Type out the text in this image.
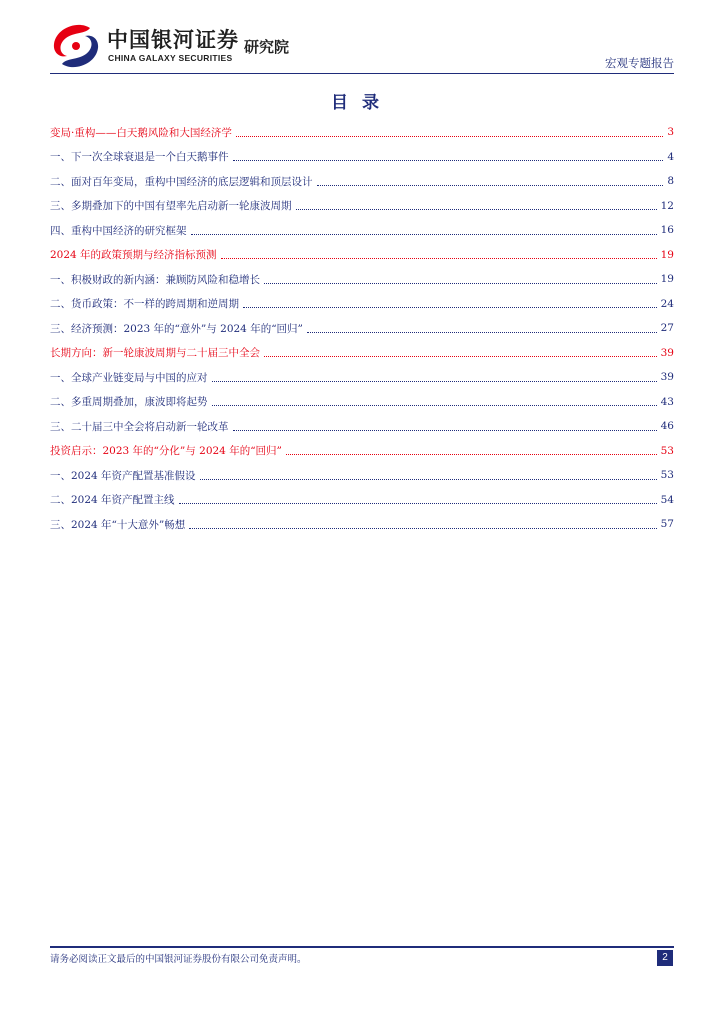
中国银河证券
CHINA GALAXY SECURITIES
研究院
宏观专题报告
目录
变局·重构——白天鹅风险和大国经济学	3
一、下一次全球衰退是一个白天鹅事件	4
二、面对百年变局，重构中国经济的底层逻辑和顶层设计	8
三、多期叠加下的中国有望率先启动新一轮康波周期	12
四、重构中国经济的研究框架	16
2024 年的政策预期与经济指标预测	19
一、积极财政的新内涵：兼顾防风险和稳增长	19
二、货币政策：不一样的跨周期和逆周期	24
三、经济预测：2023 年的“意外”与 2024 年的“回归”	27
长期方向：新一轮康波周期与二十届三中全会	39
一、全球产业链变局与中国的应对	39
二、多重周期叠加，康波即将起势	43
三、二十届三中全会将启动新一轮改革	46
投资启示：2023 年的“分化”与 2024 年的“回归”	53
一、2024 年资产配置基准假设	53
二、2024 年资产配置主线	54
三、2024 年“十大意外”畅想	57
请务必阅读正文最后的中国银河证券股份有限公司免责声明。	2
